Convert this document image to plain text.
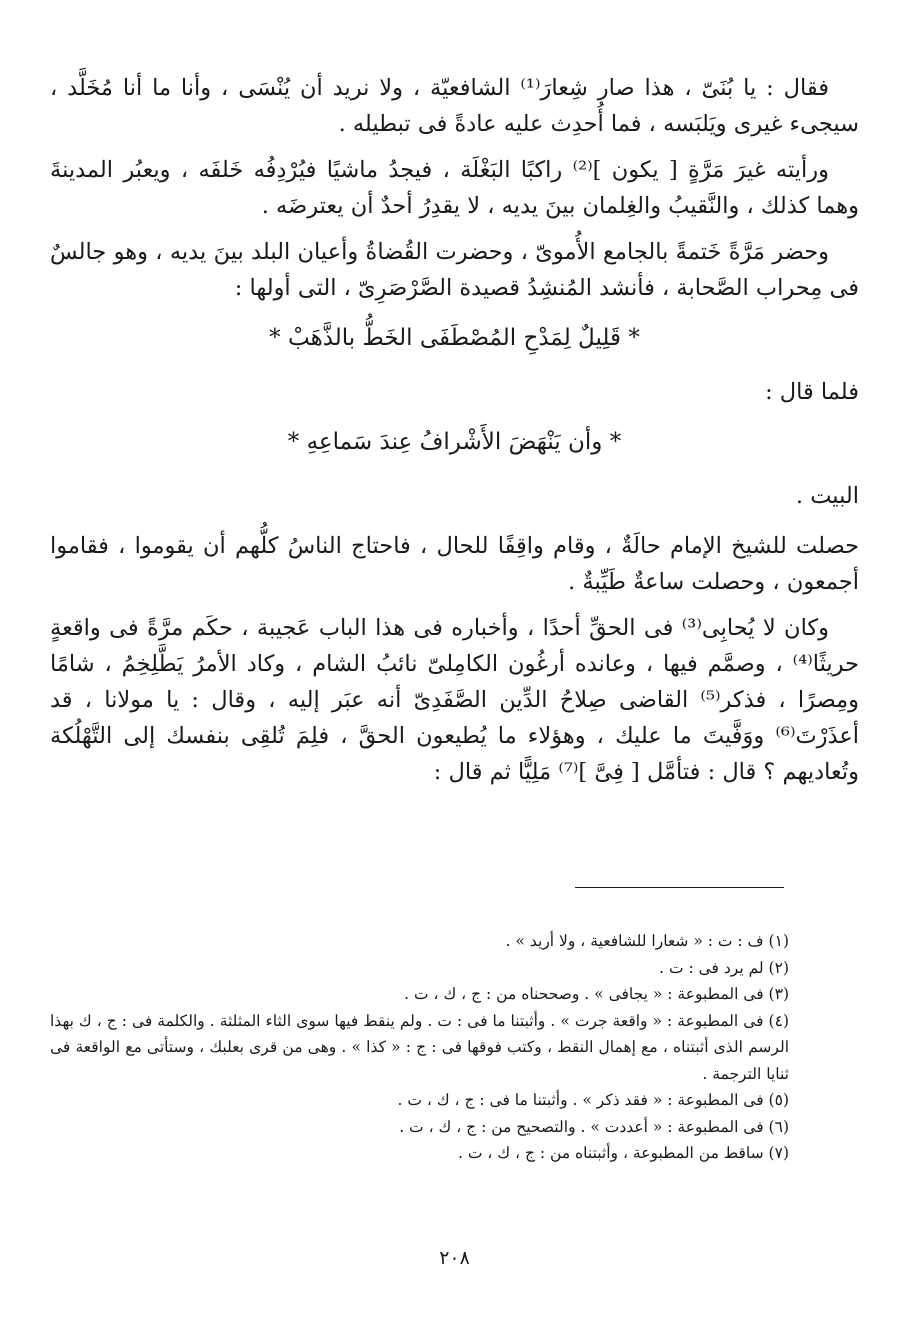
فقال : يا بُنَىّ ، هذا صار شِعارَ⁽¹⁾ الشافعيّة ، ولا نريد أن يُنْسَى ، وأنا ما أنا مُخَلَّد ، سيجىء غيرى ويَلبَسه ، فما أُحدِث عليه عادةً فى تبطيله .

ورأيته غيرَ مَرَّةٍ [ يكون ]⁽²⁾ راكبًا البَغْلَة ، فيجدُ ماشيًا فيُرْدِفُه خَلفَه ، ويعبُر المدينةَ وهما كذلك ، والنَّقيبُ والغِلمان بينَ يديه ، لا يقدِرُ أحدٌ أن يعترضَه .

وحضر مَرَّةً خَتمةً بالجامع الأُموىّ ، وحضرت القُضاةُ وأعيان البلد بينَ يديه ، وهو جالسٌ فى مِحراب الصَّحابة ، فأنشد المُنشِدُ قصيدة الصَّرْصَرِىّ ، التى أولها :

* قَلِيلٌ لِمَدْحِ المُصْطَفَى الخَطُّ بالذَّهَبْ *

فلما قال :

* وأن يَنْهَضَ الأَشْرافُ عِندَ سَماعِهِ *

البيت .

حصلت للشيخ الإمام حالَةٌ ، وقام واقِفًا للحال ، فاحتاج الناسُ كلُّهم أن يقوموا ، فقاموا أجمعون ، وحصلت ساعةٌ طَيِّبةٌ .

وكان لا يُحابِى⁽³⁾ فى الحقِّ أحدًا ، وأخباره فى هذا الباب عَجيبة ، حكَم مرَّةً فى واقعةٍ حريثًا⁽⁴⁾ ، وصمَّم فيها ، وعانده أرغُون الكامِلىّ نائبُ الشام ، وكاد الأمرُ يَطَّلِخِمُ ، شامًا ومِصرًا ، فذكر⁽⁵⁾ القاضى صِلاحُ الدِّين الصَّفَدِىّ أنه عبَر إليه ، وقال : يا مولانا ، قد أعذَرْتَ⁽⁶⁾ ووَفَّيتَ ما عليك ، وهؤلاء ما يُطيعون الحقَّ ، فلِمَ تُلقِى بنفسك إلى التَّهْلُكة وتُعاديهم ؟ قال : فتأمَّل [ فِىَّ ]⁽⁷⁾ مَلِيًّا ثم قال :

(١) ف : ت : « شعارا للشافعية ، ولا أريد » .

(٢) لم يرد فى : ت .

(٣) فى المطبوعة : « يجافى » . وصححناه من : ج ، ك ، ت .

(٤) فى المطبوعة : « واقعة جرت » . وأثبتنا ما فى : ت . ولم ينقط فيها سوى الثاء المثلثة . والكلمة فى : ج ، ك بهذا الرسم الذى أثبتناه ، مع إهمال النقط ، وكتب فوقها فى : ج : « كذا » . وهى من قرى بعلبك ، وستأتى مع الواقعة فى ثنايا الترجمة .

(٥) فى المطبوعة : « فقد ذكر » . وأثبتنا ما فى : ج ، ك ، ت .

(٦) فى المطبوعة : « أعددت » . والتصحيح من : ج ، ك ، ت .

(٧) ساقط من المطبوعة ، وأثبتناه من : ج ، ك ، ت .

٢٠٨
